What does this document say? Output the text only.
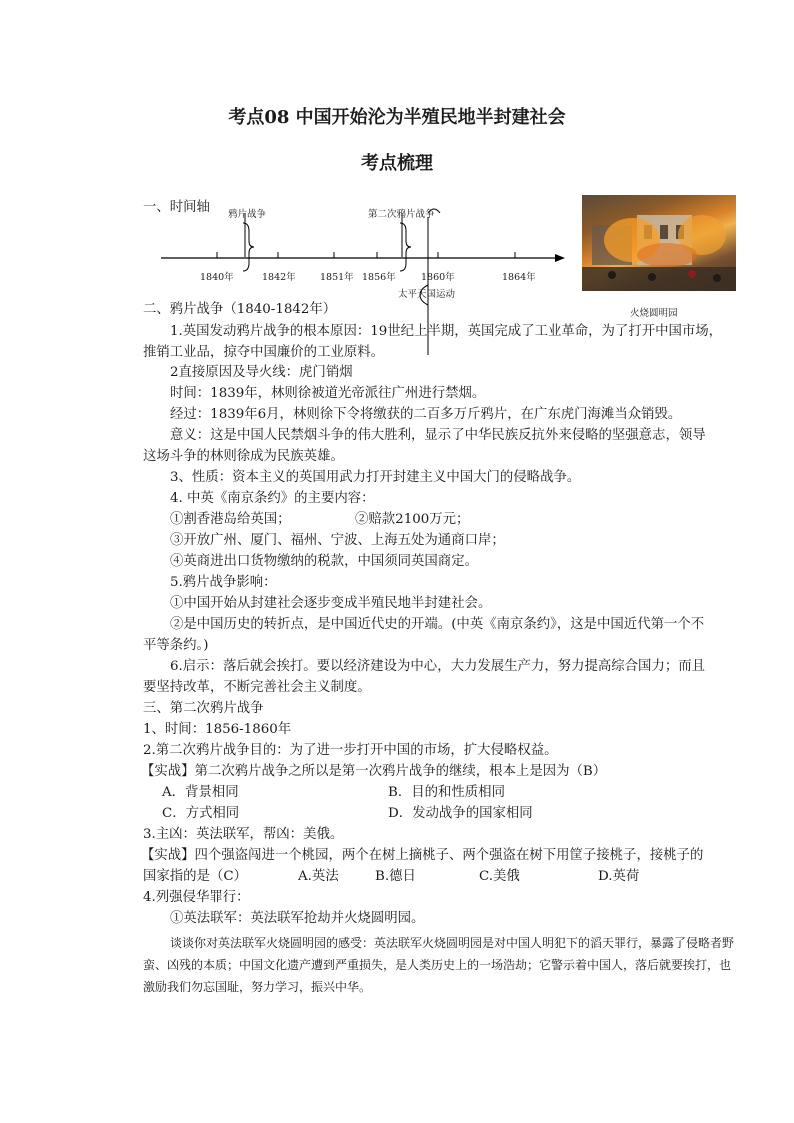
考点08 中国开始沦为半殖民地半封建社会
考点梳理
一、时间轴 鸦片战争	第二次鸦片战争
太平天国运动
1840年	1842年	1851年 1856年	1860年	1864年
火烧圆明园
二、鸦片战争（1840-1842年）
1.英国发动鸦片战争的根本原因：19世纪上半期，英国完成了工业革命，为了打开中国市场，
推销工业品，掠夺中国廉价的工业原料。
2直接原因及导火线：虎门销烟
时间：1839年，林则徐被道光帝派往广州进行禁烟。
经过：1839年6月，林则徐下令将缴获的二百多万斤鸦片，在广东虎门海滩当众销毁。
意义：这是中国人民禁烟斗争的伟大胜利，显示了中华民族反抗外来侵略的坚强意志，领导
这场斗争的林则徐成为民族英雄。
3、性质：资本主义的英国用武力打开封建主义中国大门的侵略战争。
4. 中英《南京条约》的主要内容：
①割香港岛给英国；	②赔款2100万元；
③开放广州、厦门、福州、宁波、上海五处为通商口岸；
④英商进出口货物缴纳的税款，中国须同英国商定。
5.鸦片战争影响：
①中国开始从封建社会逐步变成半殖民地半封建社会。
②是中国历史的转折点，是中国近代史的开端。(中英《南京条约》，这是中国近代第一个不
平等条约。)
6.启示：落后就会挨打。要以经济建设为中心，大力发展生产力，努力提高综合国力；而且
要坚持改革，不断完善社会主义制度。
三、第二次鸦片战争
1、时间：1856-1860年
2.第二次鸦片战争目的：为了进一步打开中国的市场，扩大侵略权益。
【实战】第二次鸦片战争之所以是第一次鸦片战争的继续，根本上是因为（B）
A．背景相同	B．目的和性质相同
C．方式相同	D．发动战争的国家相同
3.主凶：英法联军，帮凶：美俄。
【实战】四个强盗闯进一个桃园，两个在树上摘桃子、两个强盗在树下用筐子接桃子，接桃子的
国家指的是（C）	A.英法	B.德日	C.美俄	D.英荷
4.列强侵华罪行：
①英法联军：英法联军抢劫并火烧圆明园。
谈谈你对英法联军火烧圆明园的感受：英法联军火烧圆明园是对中国人明犯下的滔天罪行，暴露了侵略者野
蛮、凶残的本质；中国文化遗产遭到严重损失，是人类历史上的一场浩劫；它警示着中国人，落后就要挨打，也
激励我们勿忘国耻，努力学习，振兴中华。
